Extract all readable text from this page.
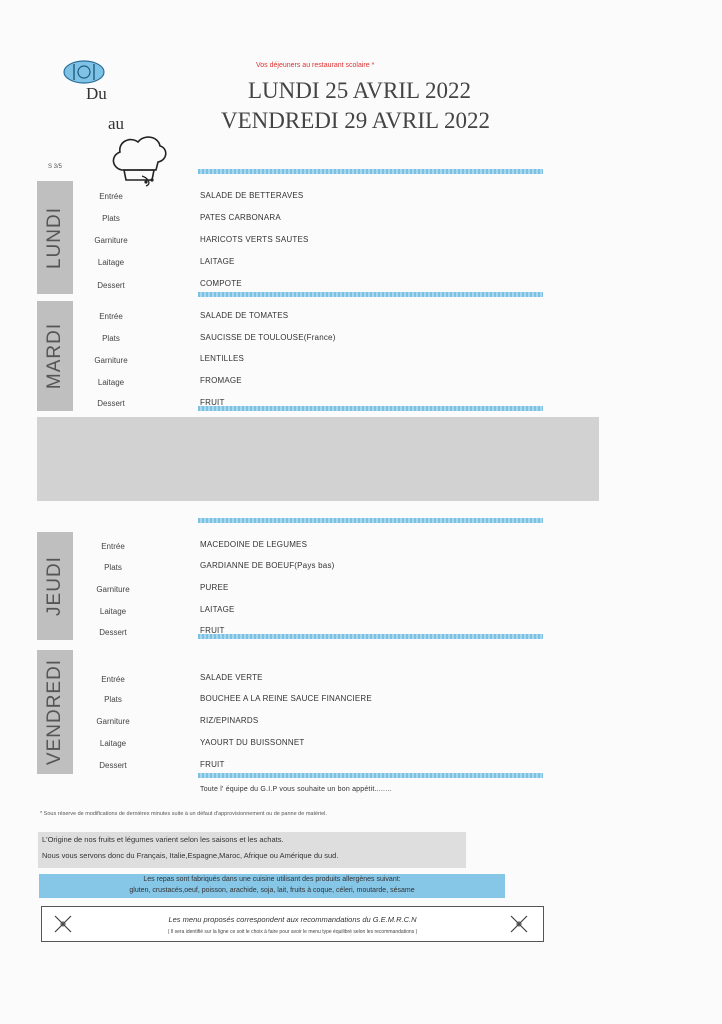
Du
au
Vos déjeuners au restaurant scolaire *
LUNDI 25 AVRIL 2022
VENDREDI 29 AVRIL 2022
S 3/5
LUNDI
Entrée
Plats
Garniture
Laitage
Dessert
SALADE DE BETTERAVES
PATES CARBONARA
HARICOTS VERTS SAUTES
LAITAGE
COMPOTE
MARDI
Entrée
Plats
Garniture
Laitage
Dessert
SALADE DE TOMATES
SAUCISSE DE TOULOUSE(France)
LENTILLES
FROMAGE
FRUIT
JEUDI
Entrée
Plats
Garniture
Laitage
Dessert
MACEDOINE DE LEGUMES
GARDIANNE DE BOEUF(Pays bas)
PUREE
LAITAGE
FRUIT
VENDREDI	Entrée
Plats
Garniture
Laitage
Dessert
SALADE VERTE
BOUCHEE A LA REINE SAUCE FINANCIERE
RIZ/EPINARDS
YAOURT DU BUISSONNET
FRUIT
Toute l' équipe du G.I.P vous souhaite un bon appétit........
* Sous réserve de modifications de dernières minutes suite à un défaut d'approvisionnement ou de panne de matériel.
L'Origine de nos fruits et légumes varient selon les saisons et les achats.
Nous vous servons donc du Français, Italie,Espagne,Maroc, Afrique ou Amérique du sud.
Les repas sont fabriqués dans une cuisine utilisant des produits allergènes suivant:
gluten, crustacés,oeuf, poisson, arachide, soja, lait, fruits à coque, céleri, moutarde, sésame
Les menu proposés correspondent aux recommandations du G.E.M.R.C.N
( Il sera identifié sur la ligne ce soit le choix à faire pour avoir le menu type équilibré selon les recommandations )
